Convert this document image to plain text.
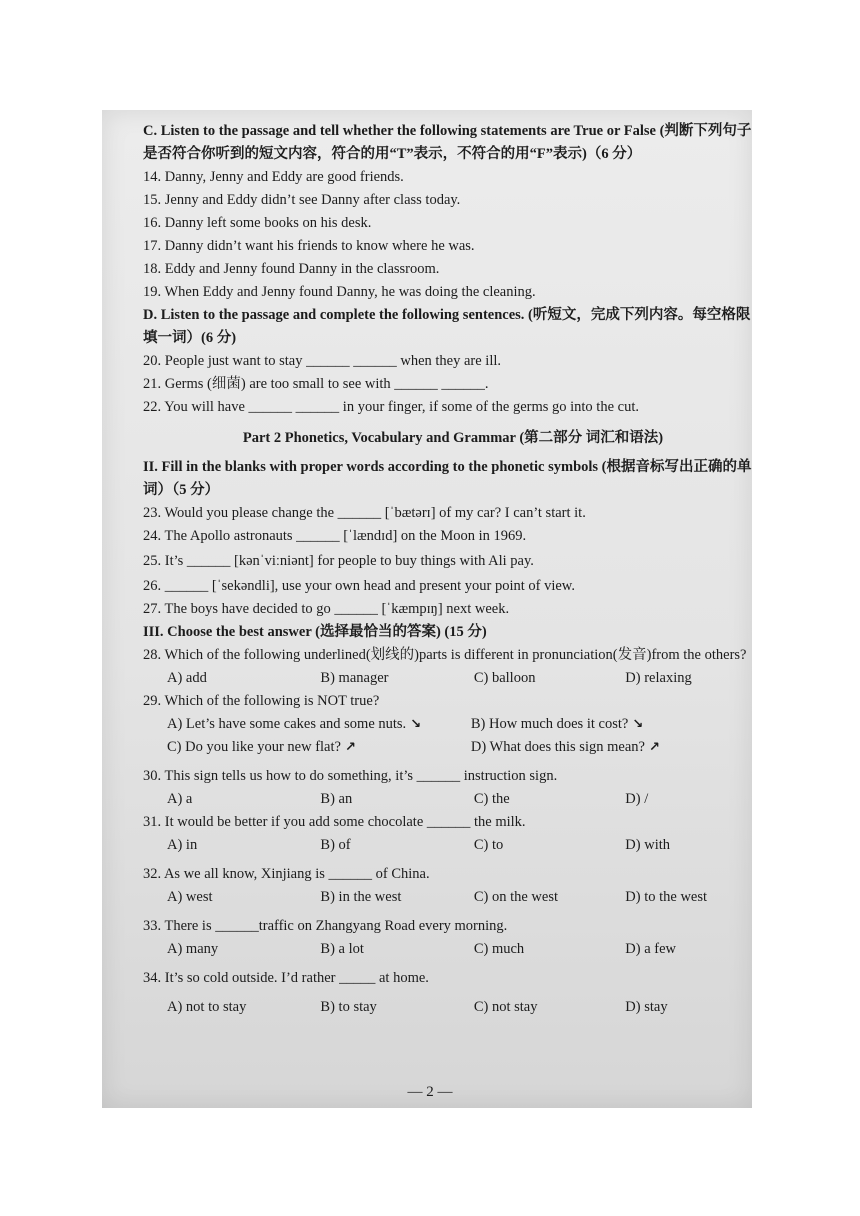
C. Listen to the passage and tell whether the following statements are True or False (判断下列句子是否符合你听到的短文内容，符合的用“T”表示，不符合的用“F”表示)（6 分）

14. Danny, Jenny and Eddy are good friends.

15. Jenny and Eddy didn’t see Danny after class today.

16. Danny left some books on his desk.

17. Danny didn’t want his friends to know where he was.

18. Eddy and Jenny found Danny in the classroom.

19. When Eddy and Jenny found Danny, he was doing the cleaning.

D. Listen to the passage and complete the following sentences. (听短文，完成下列内容。每空格限填一词）(6 分)

20. People just want to stay ______ ______ when they are ill.

21. Germs (细菌) are too small to see with ______ ______.

22. You will have ______ ______ in your finger, if some of the germs go into the cut.

Part 2 Phonetics, Vocabulary and Grammar (第二部分 词汇和语法)

II. Fill in the blanks with proper words according to the phonetic symbols (根据音标写出正确的单词）（5 分）

23. Would you please change the ______ [ˈbætərɪ] of my car? I can’t start it.

24. The Apollo astronauts ______ [ˈlændɪd] on the Moon in 1969.

25. It’s ______ [kənˈviːniənt] for people to buy things with Ali pay.

26. ______ [ˈsekəndli], use your own head and present your point of view.

27. The boys have decided to go ______ [ˈkæmpɪŋ] next week.

III. Choose the best answer (选择最恰当的答案) (15 分)

28. Which of the following underlined(划线的)parts is different in pronunciation(发音)from the others?

A) add	B) manager	C) balloon	D) relaxing

29. Which of the following is NOT true?

A) Let’s have some cakes and some nuts. ↘	B) How much does it cost? ↘
C) Do you like your new flat? ↗	D) What does this sign mean? ↗

30. This sign tells us how to do something, it’s ______ instruction sign.

A) a	B) an	C) the	D) /

31. It would be better if you add some chocolate ______ the milk.

A) in	B) of	C) to	D) with

32. As we all know, Xinjiang is ______ of China.

A) west	B) in the west	C) on the west	D) to the west

33. There is ______traffic on Zhangyang Road every morning.

A) many	B) a lot	C) much	D) a few

34. It’s so cold outside. I’d rather _____ at home.

A) not to stay	B) to stay	C) not stay	D) stay
— 2 —
